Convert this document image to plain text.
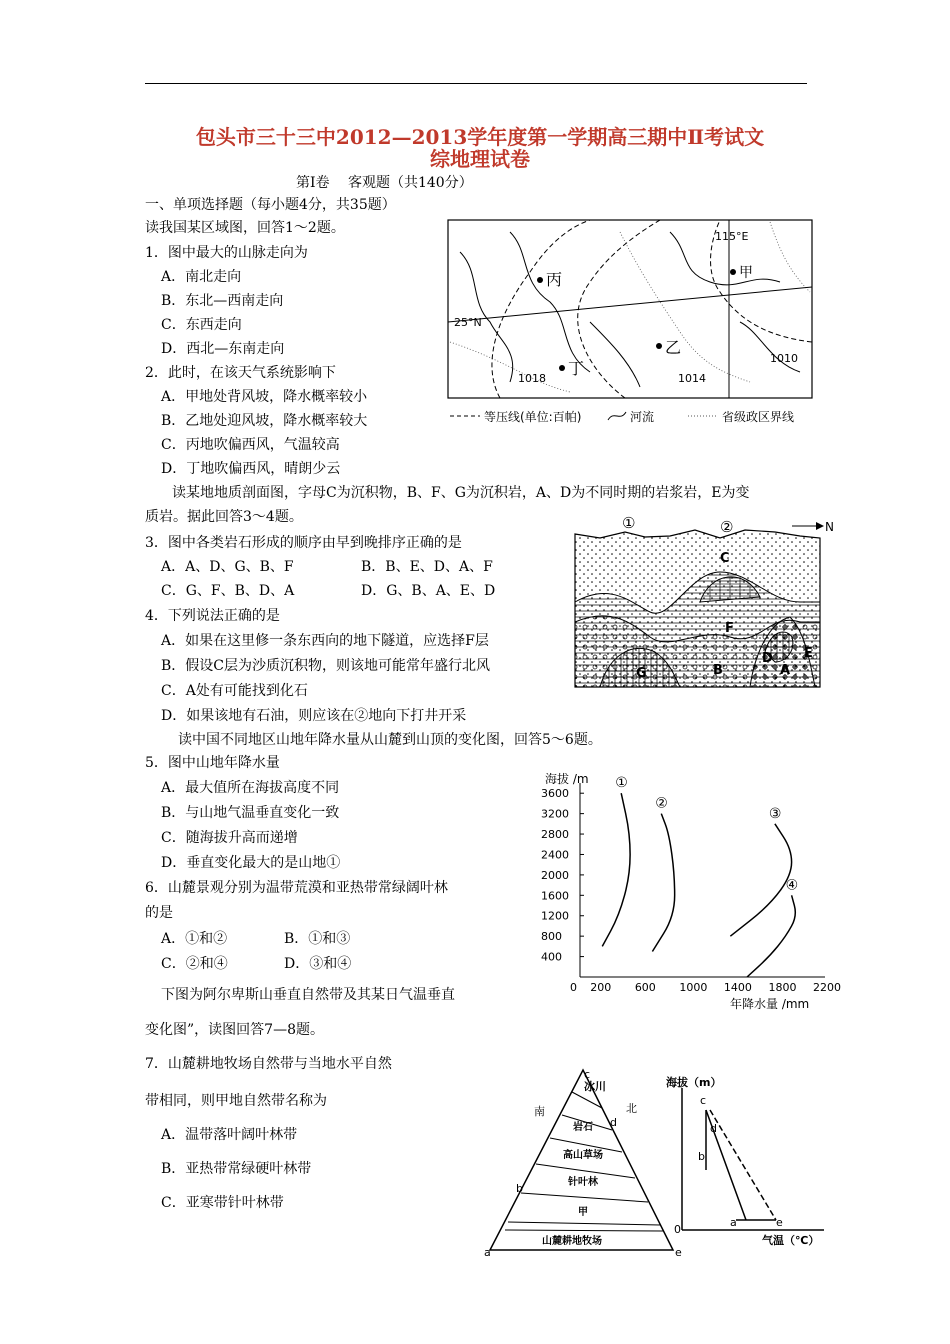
包头市三十三中2012—2013学年度第一学期高三期中Ⅱ考试文
综地理试卷
第Ⅰ卷　 客观题（共140分）
一、单项选择题（每小题4分，共35题）
读我国某区域图，回答1～2题。
1．图中最大的山脉走向为
A．南北走向
B．东北—西南走向
C．东西走向
D．西北—东南走向
2．此时，在该天气系统影响下
A．甲地处背风坡，降水概率较小
B．乙地处迎风坡，降水概率较大
C．丙地吹偏西风，气温较高
D．丁地吹偏西风，晴朗少云
读某地地质剖面图，字母C为沉积物，B、F、G为沉积岩，A、D为不同时期的岩浆岩，E为变
质岩。据此回答3～4题。
3．图中各类岩石形成的顺序由早到晚排序正确的是
A．A、D、G、B、F	B．B、E、D、A、F
C．G、F、B、D、A	D．G、B、A、E、D
4．下列说法正确的是
A．如果在这里修一条东西向的地下隧道，应选择F层
B．假设C层为沙质沉积物，则该地可能常年盛行北风
C．A处有可能找到化石
D．如果该地有石油，则应该在②地向下打井开采
读中国不同地区山地年降水量从山麓到山顶的变化图，回答5～6题。
5．图中山地年降水量
A．最大值所在海拔高度不同
B．与山地气温垂直变化一致
C．随海拔升高而递增
D．垂直变化最大的是山地①
6．山麓景观分别为温带荒漠和亚热带常绿阔叶林
的是
A．①和②	B．①和③
C．②和④	D．③和④
下图为阿尔卑斯山垂直自然带及其某日气温垂直
变化图”，读图回答7—8题。
7．山麓耕地牧场自然带与当地水平自然
带相同，则甲地自然带名称为
A．温带落叶阔叶林带
B．亚热带常绿硬叶林带
C．亚寒带针叶林带
115°E
25°N
丙	甲
乙
丁
1018	1014
1010
等压线(单位:百帕)	河流	省级政区界线
①	②	N
C
F
G	B
D
A
E
海拔 /m
年降水量 /mm
0 200 600 1000 1400 1800 2200
400
800
1200
1600
2000
2400
2800
3200
3600
①
②
③
④
南	北
冰川
岩石
高山草场
针叶林
甲
山麓耕地牧场
a
b
c
d
e
海拔（m）
气温（℃）
0
c
d
b
a	e
